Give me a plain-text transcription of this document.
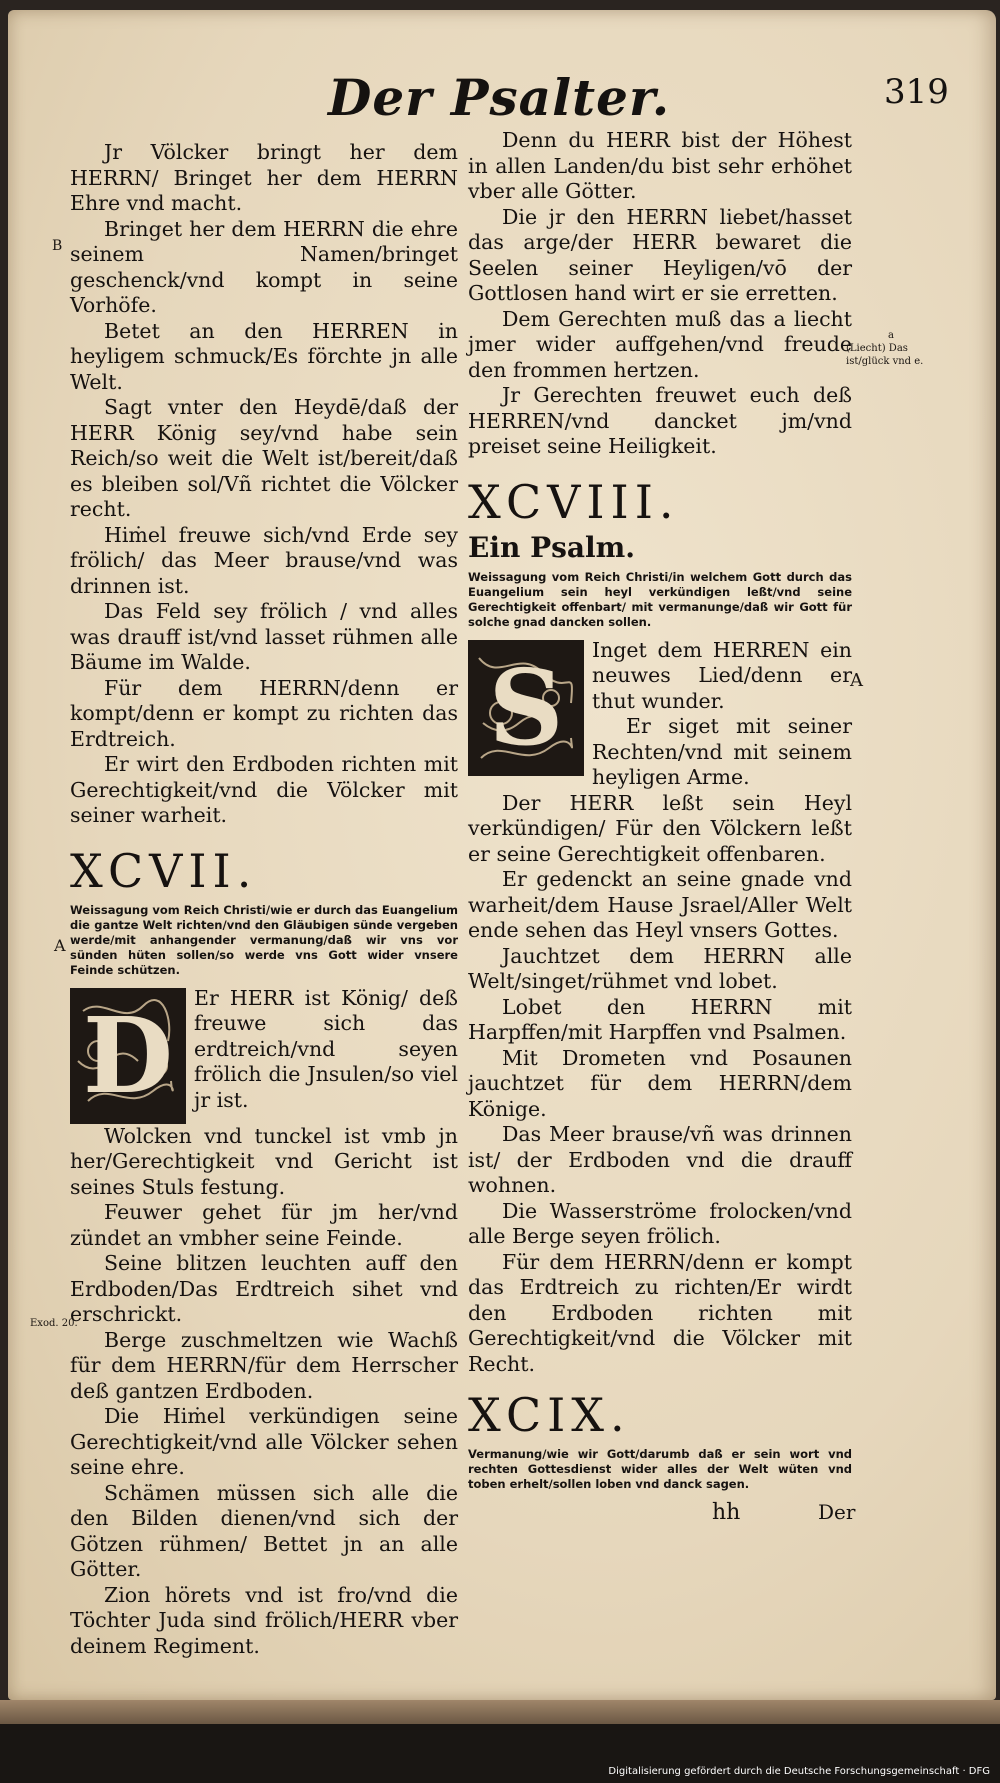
Der Psalter.	319

Jr Völcker bringt her dem HERRN/ Bringet her dem HERRN Ehre vnd macht.

Bringet her dem HERRN die ehre seinem Namen/bringet geschenck/vnd kompt in seine Vorhöfe.

Betet an den HERREN in heyligem schmuck/Es förchte jn alle Welt.

Sagt vnter den Heydē/daß der HERR König sey/vnd habe sein Reich/so weit die Welt ist/bereit/daß es bleiben sol/Vñ richtet die Völcker recht.

Hiṁel freuwe sich/vnd Erde sey frölich/ das Meer brause/vnd was drinnen ist.

Das Feld sey frölich / vnd alles was drauff ist/vnd lasset rühmen alle Bäume im Walde.

Für dem HERRN/denn er kompt/denn er kompt zu richten das Erdtreich.

Er wirt den Erdboden richten mit Gerechtigkeit/vnd die Völcker mit seiner warheit.

XCVII.

Weissagung vom Reich Christi/wie er durch das Euangelium die gantze Welt richten/vnd den Gläubigen sünde vergeben werde/mit anhangender vermanung/daß wir vns vor sünden hüten sollen/so werde vns Gott wider vnsere Feinde schützen.

D	Er HERR ist König/ deß freuwe sich das erdtreich/vnd seyen frölich die Jnsulen/so viel jr ist.

Wolcken vnd tunckel ist vmb jn her/Gerechtigkeit vnd Gericht ist seines Stuls festung.

Feuwer gehet für jm her/vnd zündet an vmbher seine Feinde.

Seine blitzen leuchten auff den Erdboden/Das Erdtreich sihet vnd erschrickt.

Berge zuschmeltzen wie Wachß für dem HERRN/für dem Herrscher deß gantzen Erdboden.

Die Hiṁel verkündigen seine Gerechtigkeit/vnd alle Völcker sehen seine ehre.

Schämen müssen sich alle die den Bilden dienen/vnd sich der Götzen rühmen/ Bettet jn an alle Götter.

Zion hörets vnd ist fro/vnd die Töchter Juda sind frölich/HERR vber deinem Regiment.

Denn du HERR bist der Höhest in allen Landen/du bist sehr erhöhet vber alle Götter.

Die jr den HERRN liebet/hasset das arge/der HERR bewaret die Seelen seiner Heyligen/vō der Gottlosen hand wirt er sie erretten.

Dem Gerechten muß das a liecht jmer wider auffgehen/vnd freude den frommen hertzen.

Jr Gerechten freuwet euch deß HERREN/vnd dancket jm/vnd preiset seine Heiligkeit.

XCVIII.

Ein Psalm.

Weissagung vom Reich Christi/in welchem Gott durch das Euangelium sein heyl verkündigen leßt/vnd seine Gerechtigkeit offenbart/ mit vermanunge/daß wir Gott für solche gnad dancken sollen.

S	Inget dem HERREN ein neuwes Lied/denn er thut wunder.

Er siget mit seiner Rechten/vnd mit seinem heyligen Arme.

Der HERR leßt sein Heyl verkündigen/ Für den Völckern leßt er seine Gerechtigkeit offenbaren.

Er gedenckt an seine gnade vnd warheit/dem Hause Jsrael/Aller Welt ende sehen das Heyl vnsers Gottes.

Jauchtzet dem HERRN alle Welt/singet/rühmet vnd lobet.

Lobet den HERRN mit Harpffen/mit Harpffen vnd Psalmen.

Mit Drometen vnd Posaunen jauchtzet für dem HERRN/dem Könige.

Das Meer brause/vñ was drinnen ist/ der Erdboden vnd die drauff wohnen.

Die Wasserströme frolocken/vnd alle Berge seyen frölich.

Für dem HERRN/denn er kompt das Erdtreich zu richten/Er wirdt den Erdboden richten mit Gerechtigkeit/vnd die Völcker mit Recht.

XCIX.

Vermanung/wie wir Gott/darumb daß er sein wort vnd rechten Gottesdienst wider alles der Welt wüten vnd toben erhelt/sollen loben vnd danck sagen.

hh	Der
B
A
A
a
(Liecht) Das ist/glück vnd e.
Exod. 20.
Digitalisierung gefördert durch die Deutsche Forschungsgemeinschaft · DFG
